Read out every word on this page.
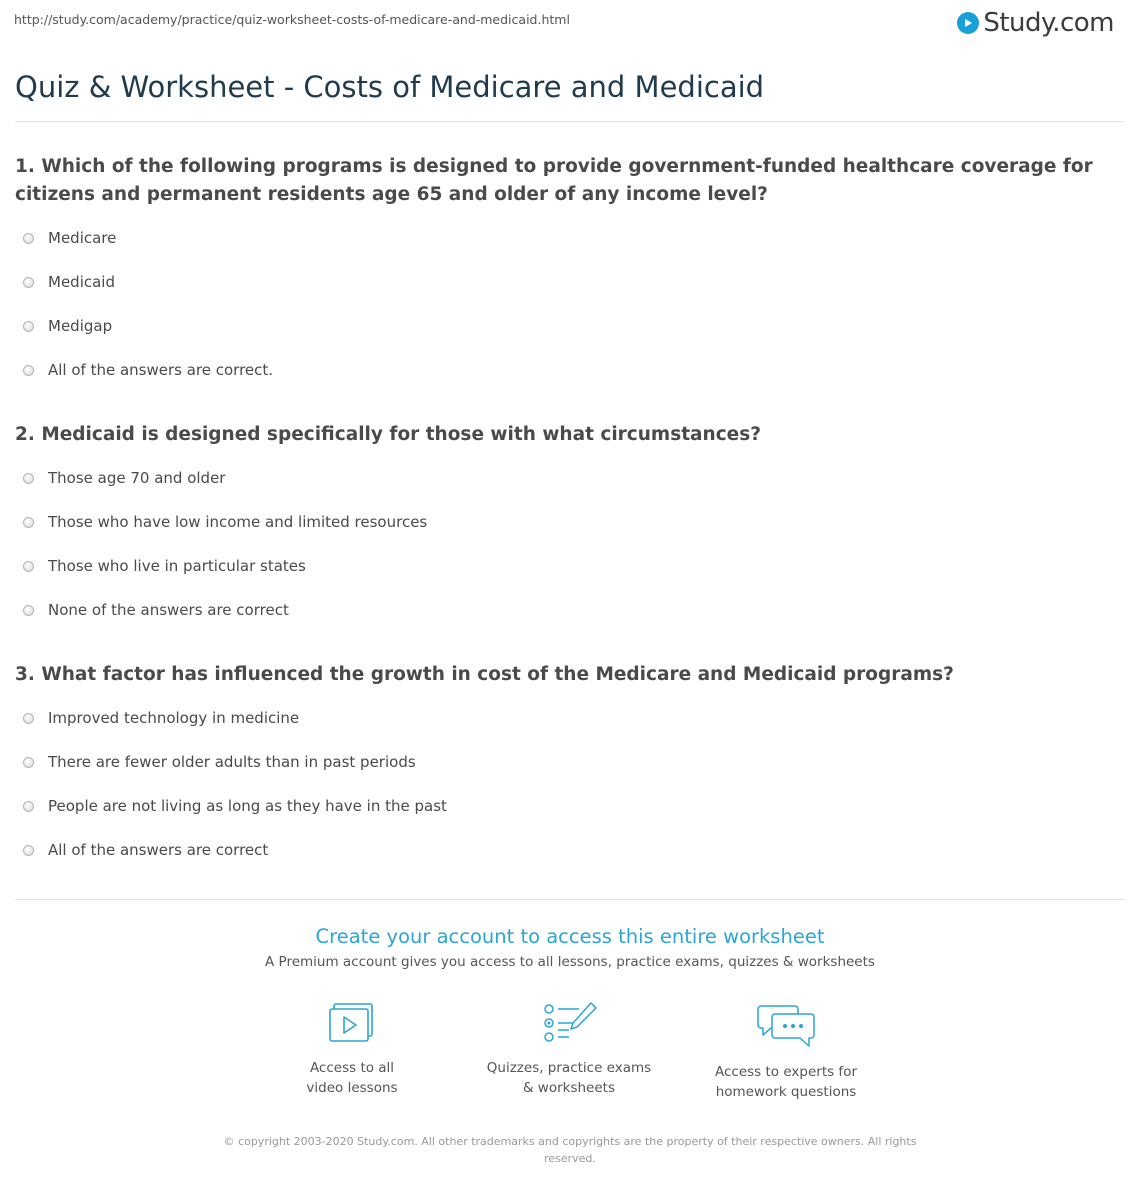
http://study.com/academy/practice/quiz-worksheet-costs-of-medicare-and-medicaid.html	Study.com
Quiz & Worksheet - Costs of Medicare and Medicaid
1. Which of the following programs is designed to provide government-funded healthcare coverage for citizens and permanent residents age 65 and older of any income level?
Medicare
Medicaid
Medigap
All of the answers are correct.
2. Medicaid is designed specifically for those with what circumstances?
Those age 70 and older
Those who have low income and limited resources
Those who live in particular states
None of the answers are correct
3. What factor has influenced the growth in cost of the Medicare and Medicaid programs?
Improved technology in medicine
There are fewer older adults than in past periods
People are not living as long as they have in the past
All of the answers are correct
Create your account to access this entire worksheet
A Premium account gives you access to all lessons, practice exams, quizzes & worksheets
Access to all
video lessons
Quizzes, practice exams
& worksheets
Access to experts for
homework questions
© copyright 2003-2020 Study.com. All other trademarks and copyrights are the property of their respective owners. All rights
reserved.
